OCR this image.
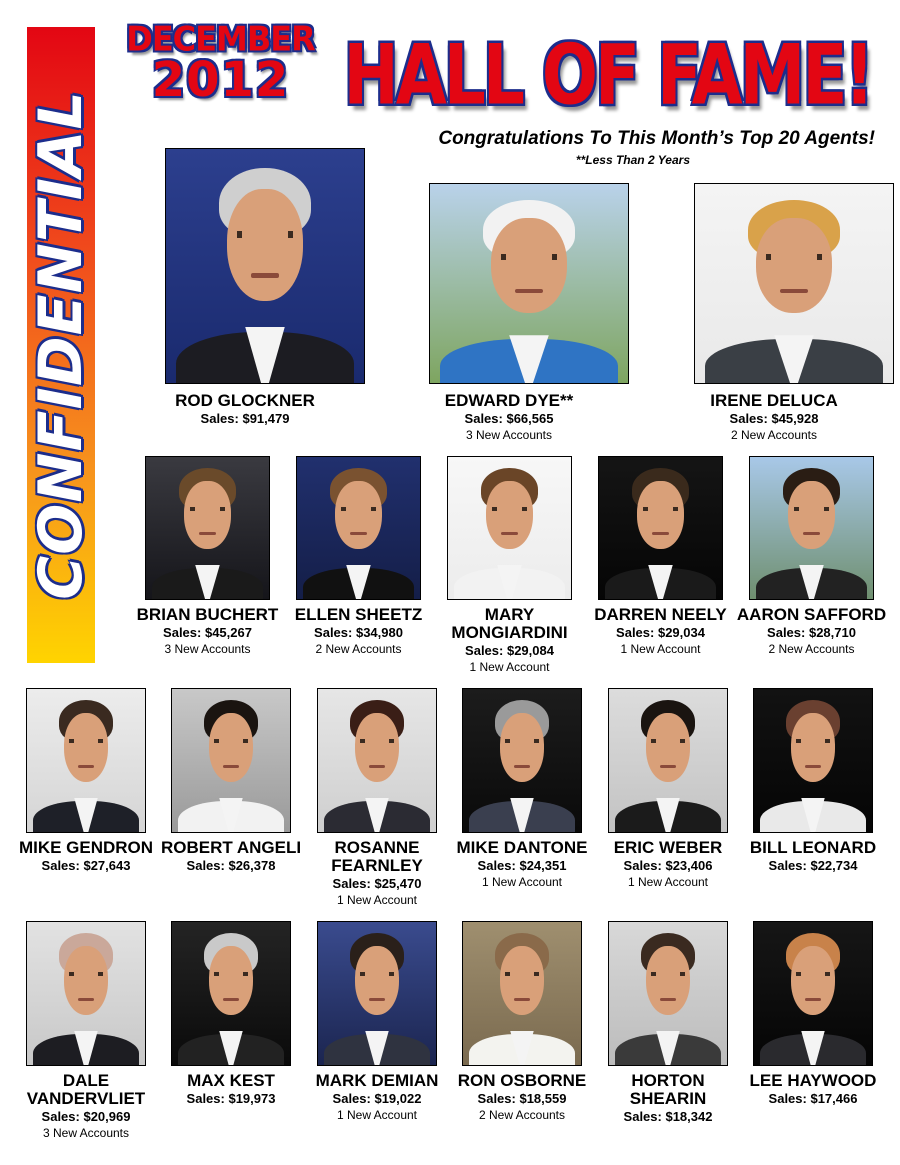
CONFIDENTIAL
DECEMBER
2012 HALL OF FAME!
Congratulations To This Month’s Top 20 Agents!
**Less Than 2 Years
ROD GLOCKNER
Sales: $91,479
EDWARD DYE**
Sales: $66,565
3 New Accounts
IRENE DELUCA
Sales: $45,928
2 New Accounts
BRIAN BUCHERT
Sales: $45,267
3 New Accounts
ELLEN SHEETZ
Sales: $34,980
2 New Accounts
MARY MONGIARDINI
Sales: $29,084
1 New Account
DARREN NEELY
Sales: $29,034
1 New Account
AARON SAFFORD
Sales: $28,710
2 New Accounts
MIKE GENDRON
Sales: $27,643
ROBERT ANGELI
Sales: $26,378
ROSANNE FEARNLEY
Sales: $25,470
1 New Account
MIKE DANTONE
Sales: $24,351
1 New Account
ERIC WEBER
Sales: $23,406
1 New Account
BILL LEONARD
Sales: $22,734
DALE VANDERVLIET
Sales: $20,969
3 New Accounts
MAX KEST
Sales: $19,973
MARK DEMIAN
Sales: $19,022
1 New Account
RON OSBORNE
Sales: $18,559
2 New Accounts
HORTON SHEARIN
Sales: $18,342
LEE HAYWOOD
Sales: $17,466
